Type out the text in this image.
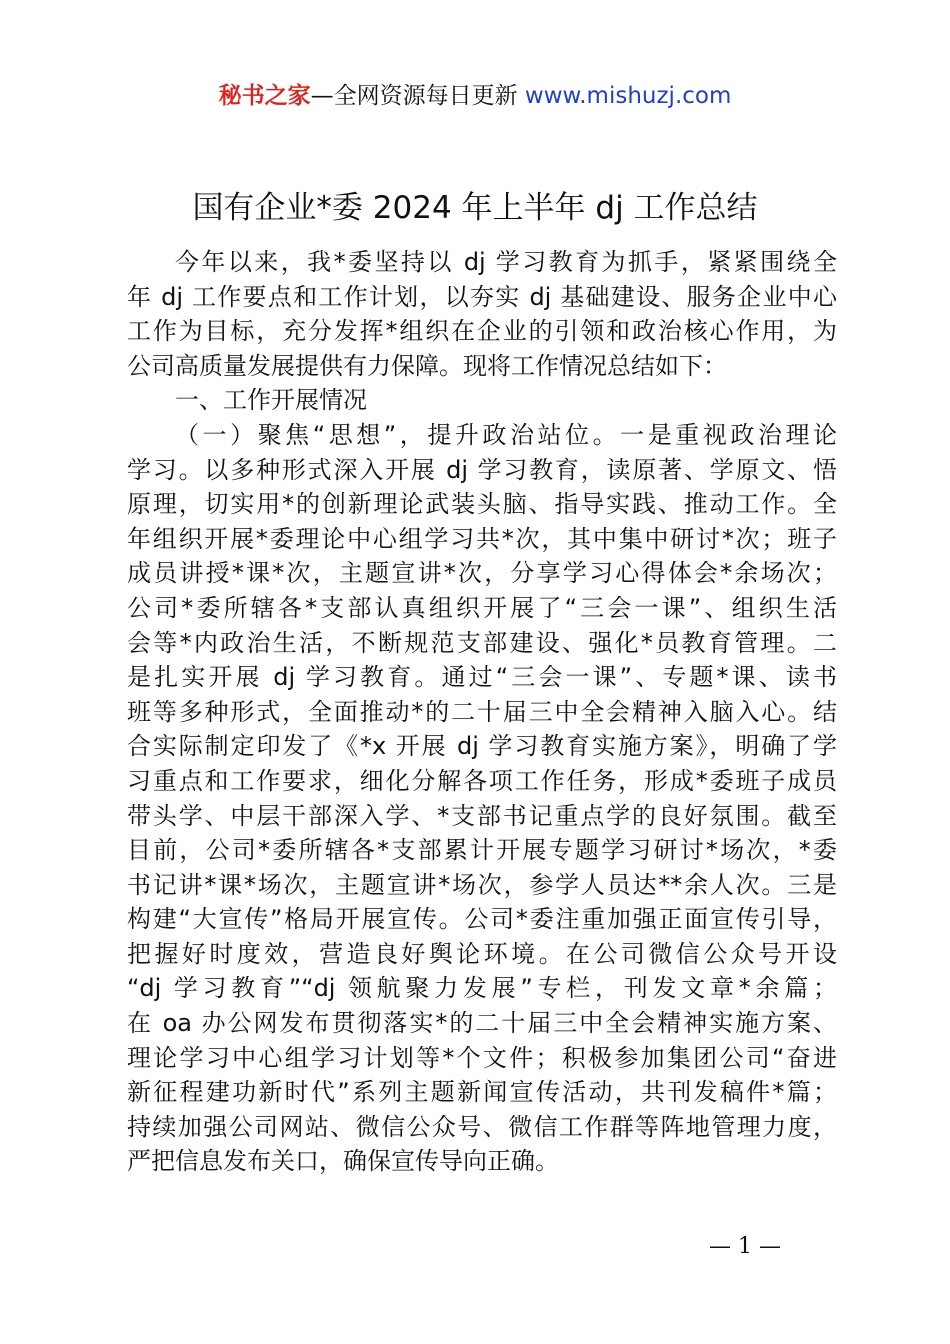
秘书之家—全网资源每日更新 www.mishuzj.com
国有企业*委 2024 年上半年 dj 工作总结
今年以来，我*委坚持以 dj 学习教育为抓手，紧紧围绕全
年 dj 工作要点和工作计划，以夯实 dj 基础建设、服务企业中心
工作为目标，充分发挥*组织在企业的引领和政治核心作用，为
公司高质量发展提供有力保障。现将工作情况总结如下：
一、工作开展情况
（一）聚焦“思想”，提升政治站位。一是重视政治理论
学习。以多种形式深入开展 dj 学习教育，读原著、学原文、悟
原理，切实用*的创新理论武装头脑、指导实践、推动工作。全
年组织开展*委理论中心组学习共*次，其中集中研讨*次；班子
成员讲授*课*次，主题宣讲*次，分享学习心得体会*余场次；
公司*委所辖各*支部认真组织开展了“三会一课”、组织生活
会等*内政治生活，不断规范支部建设、强化*员教育管理。二
是扎实开展 dj 学习教育。通过“三会一课”、专题*课、读书
班等多种形式，全面推动*的二十届三中全会精神入脑入心。结
合实际制定印发了《*x 开展 dj 学习教育实施方案》，明确了学
习重点和工作要求，细化分解各项工作任务，形成*委班子成员
带头学、中层干部深入学、*支部书记重点学的良好氛围。截至
目前，公司*委所辖各*支部累计开展专题学习研讨*场次，*委
书记讲*课*场次，主题宣讲*场次，参学人员达**余人次。三是
构建“大宣传”格局开展宣传。公司*委注重加强正面宣传引导，
把握好时度效，营造良好舆论环境。在公司微信公众号开设
“dj 学习教育”“dj 领航聚力发展”专栏，刊发文章*余篇；
在 oa 办公网发布贯彻落实*的二十届三中全会精神实施方案、
理论学习中心组学习计划等*个文件；积极参加集团公司“奋进
新征程建功新时代”系列主题新闻宣传活动，共刊发稿件*篇；
持续加强公司网站、微信公众号、微信工作群等阵地管理力度，
严把信息发布关口，确保宣传导向正确。
— 1 —
